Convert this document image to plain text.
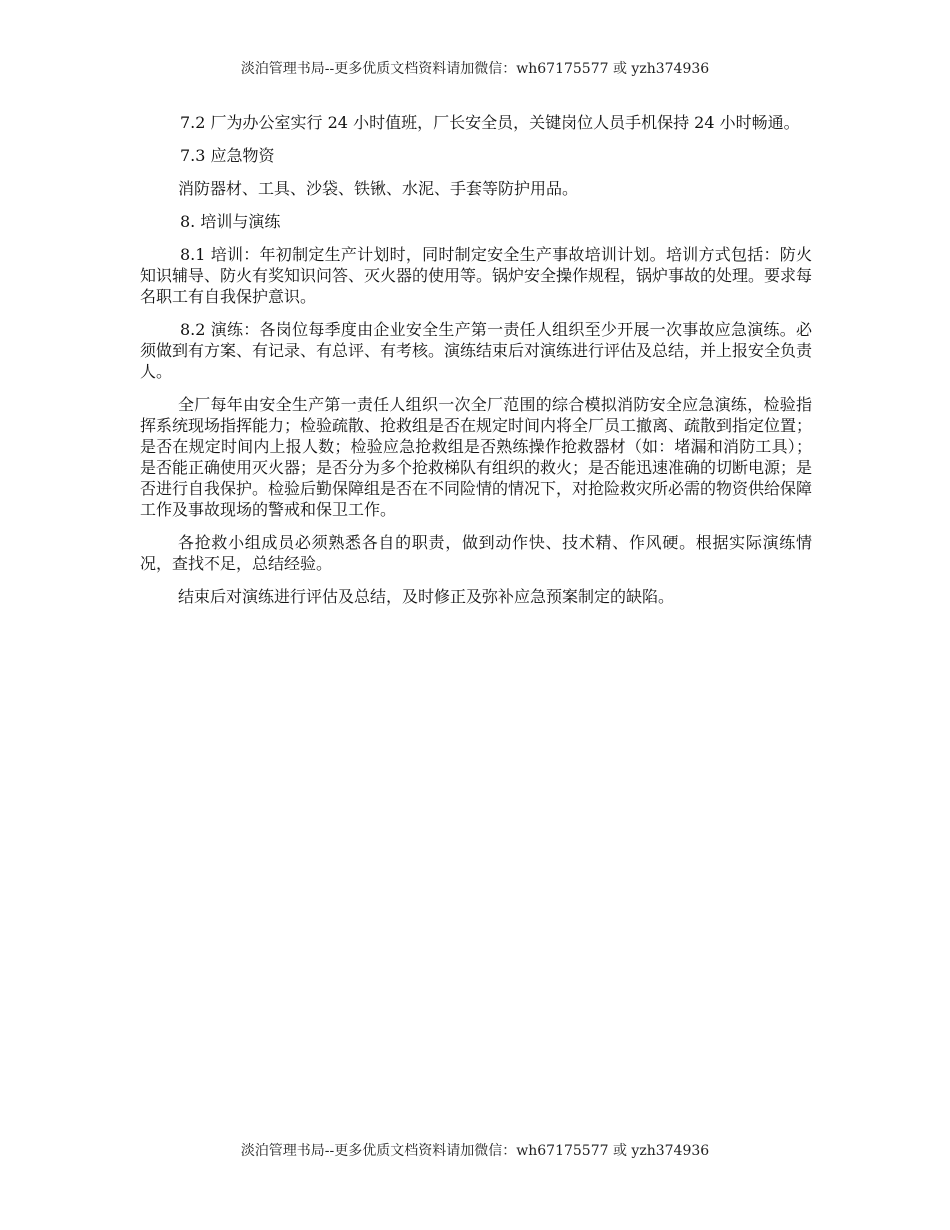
淡泊管理书局--更多优质文档资料请加微信：wh67175577 或 yzh374936

7.2 厂为办公室实行 24 小时值班，厂长安全员，关键岗位人员手机保持 24 小时畅通。

7.3 应急物资

消防器材、工具、沙袋、铁锹、水泥、手套等防护用品。

8. 培训与演练

8.1 培训：年初制定生产计划时，同时制定安全生产事故培训计划。培训方式包括：防火知识辅导、防火有奖知识问答、灭火器的使用等。锅炉安全操作规程，锅炉事故的处理。要求每名职工有自我保护意识。

8.2 演练：各岗位每季度由企业安全生产第一责任人组织至少开展一次事故应急演练。必须做到有方案、有记录、有总评、有考核。演练结束后对演练进行评估及总结，并上报安全负责人。

全厂每年由安全生产第一责任人组织一次全厂范围的综合模拟消防安全应急演练，检验指挥系统现场指挥能力；检验疏散、抢救组是否在规定时间内将全厂员工撤离、疏散到指定位置；是否在规定时间内上报人数；检验应急抢救组是否熟练操作抢救器材（如：堵漏和消防工具）；是否能正确使用灭火器；是否分为多个抢救梯队有组织的救火；是否能迅速准确的切断电源；是否进行自我保护。检验后勤保障组是否在不同险情的情况下，对抢险救灾所必需的物资供给保障工作及事故现场的警戒和保卫工作。

各抢救小组成员必须熟悉各自的职责，做到动作快、技术精、作风硬。根据实际演练情况，查找不足，总结经验。

结束后对演练进行评估及总结，及时修正及弥补应急预案制定的缺陷。

淡泊管理书局--更多优质文档资料请加微信：wh67175577 或 yzh374936
